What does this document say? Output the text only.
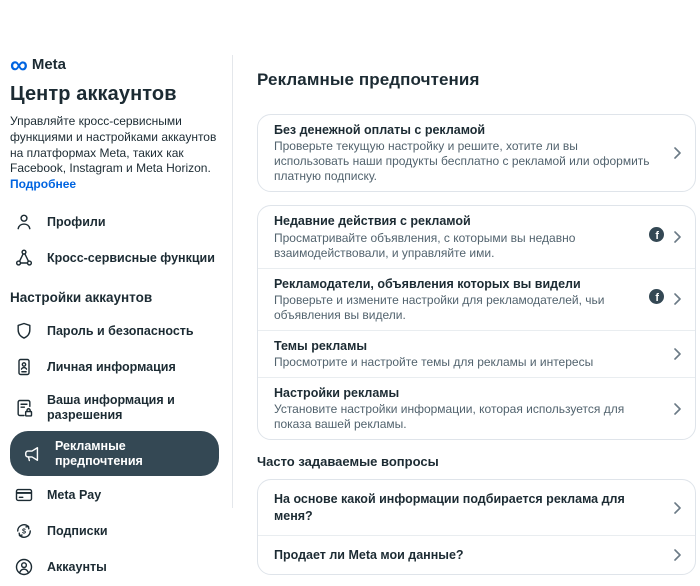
∞ Meta
Центр аккаунтов

Управляйте кросс-сервисными функциями и настройками аккаунтов на платформах Meta, таких как Facebook, Instagram и Meta Horizon. Подробнее

Профили
Кросс-сервисные функции
Настройки аккаунтов
Пароль и безопасность
Личная информация
Ваша информация и разрешения
Рекламные предпочтения
Meta Pay
$ Подписки
Аккаунты
Рекламные предпочтения
Без денежной оплаты с рекламой
Проверьте текущую настройку и решите, хотите ли вы использовать наши продукты бесплатно с рекламой или оформить платную подписку.
Недавние действия с рекламой
Просматривайте объявления, с которыми вы недавно взаимодействовали, и управляйте ими.
f
Рекламодатели, объявления которых вы видели
Проверьте и измените настройки для рекламодателей, чьи объявления вы видели.
f
Темы рекламы
Просмотрите и настройте темы для рекламы и интересы
Настройки рекламы
Установите настройки информации, которая используется для показа вашей рекламы.
Часто задаваемые вопросы
На основе какой информации подбирается реклама для меня?
Продает ли Meta мои данные?
